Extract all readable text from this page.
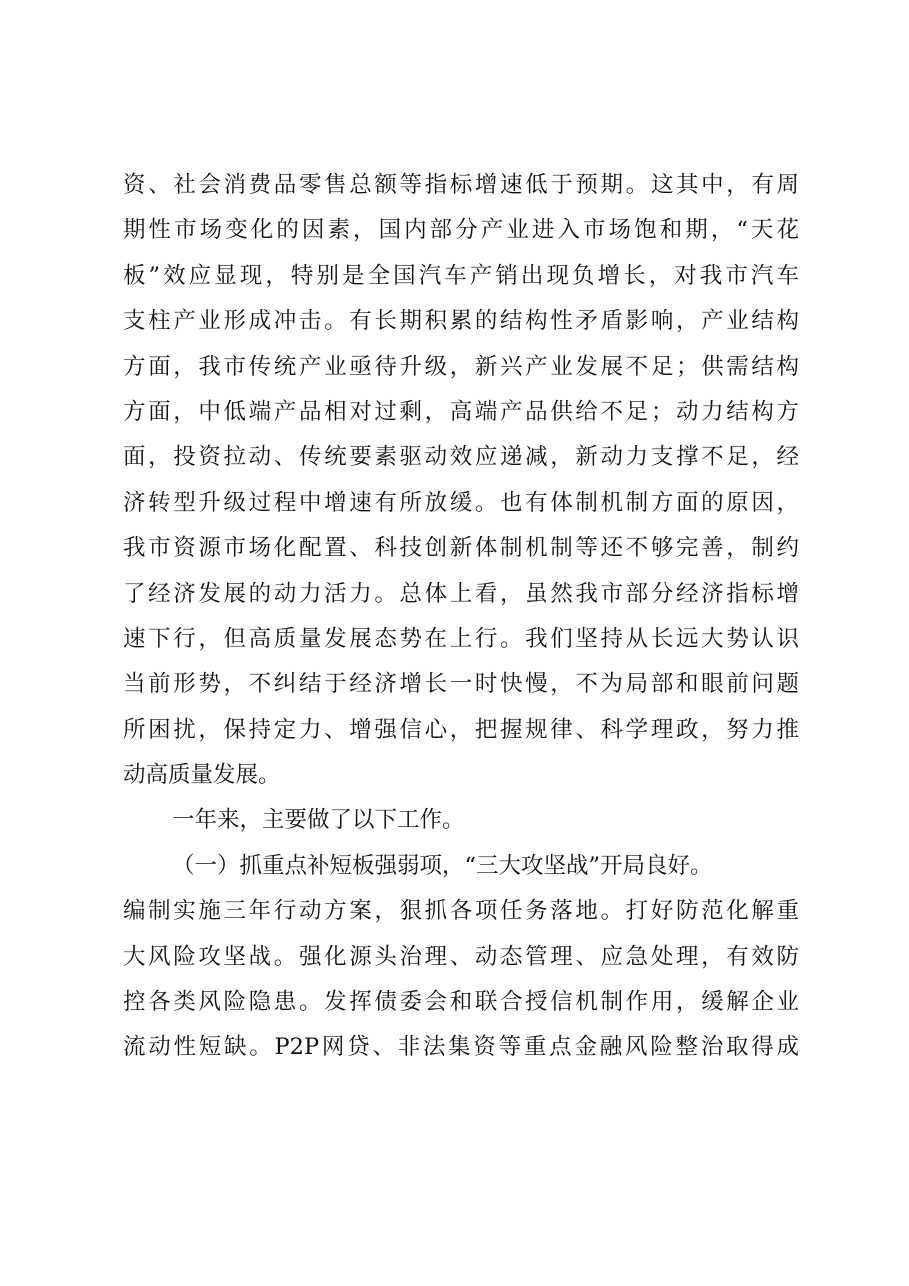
资、社会消费品零售总额等指标增速低于预期。这其中，有周
期性市场变化的因素，国内部分产业进入市场饱和期，“天花
板”效应显现，特别是全国汽车产销出现负增长，对我市汽车
支柱产业形成冲击。有长期积累的结构性矛盾影响，产业结构
方面，我市传统产业亟待升级，新兴产业发展不足；供需结构
方面，中低端产品相对过剩，高端产品供给不足；动力结构方
面，投资拉动、传统要素驱动效应递减，新动力支撑不足，经
济转型升级过程中增速有所放缓。也有体制机制方面的原因，
我市资源市场化配置、科技创新体制机制等还不够完善，制约
了经济发展的动力活力。总体上看，虽然我市部分经济指标增
速下行，但高质量发展态势在上行。我们坚持从长远大势认识
当前形势，不纠结于经济增长一时快慢，不为局部和眼前问题
所困扰，保持定力、增强信心，把握规律、科学理政，努力推
动高质量发展。
一年来，主要做了以下工作。
（一）抓重点补短板强弱项，“三大攻坚战”开局良好。
编制实施三年行动方案，狠抓各项任务落地。打好防范化解重
大风险攻坚战。强化源头治理、动态管理、应急处理，有效防
控各类风险隐患。发挥债委会和联合授信机制作用，缓解企业
流动性短缺。P2P网贷、非法集资等重点金融风险整治取得成
